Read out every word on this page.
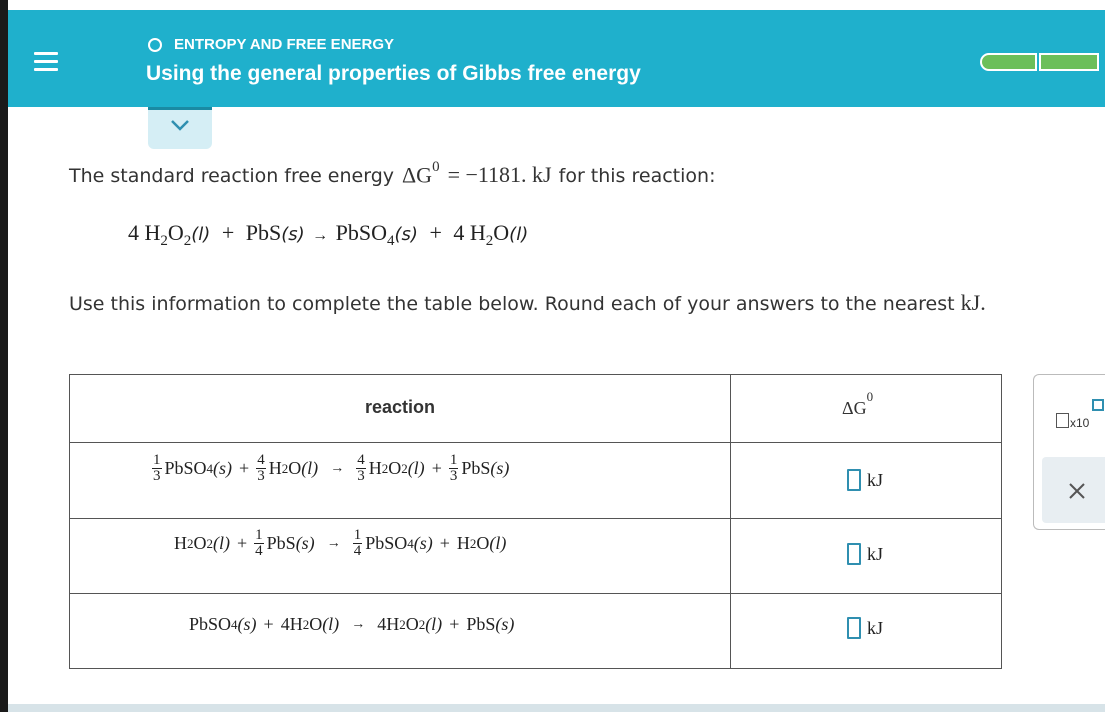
ENTROPY AND FREE ENERGY
Using the general properties of Gibbs free energy
The standard reaction free energy $\Delta G^0 = -1181$. kJ for this reaction:
4 $H_2O_2(l) + PbS(s)$ → PbSO$_4$(s) + 4 $H_2O(l)$
Use this information to complete the table below. Round each of your answers to the nearest kJ.
reaction	$\Delta G^0$
$\frac{1}{3}$ PbSO 4 $(s) + \frac{4}{3}$ H 2 O $(l) \to \frac{4}{3}$ H 2 O 2 $(l) + \frac{1}{3}$ PbS (s)
kJ
H 2 O 2 $(l) + \frac{1}{4}$ PbS $(s) \to \frac{1}{4}$ PbSO 4 (s) + H 2 O (l)
kJ
PbSO 4 (s) + 4H 2 O (l) → 4H 2 O 2 (l) + PbS (s)	kJ
x10
